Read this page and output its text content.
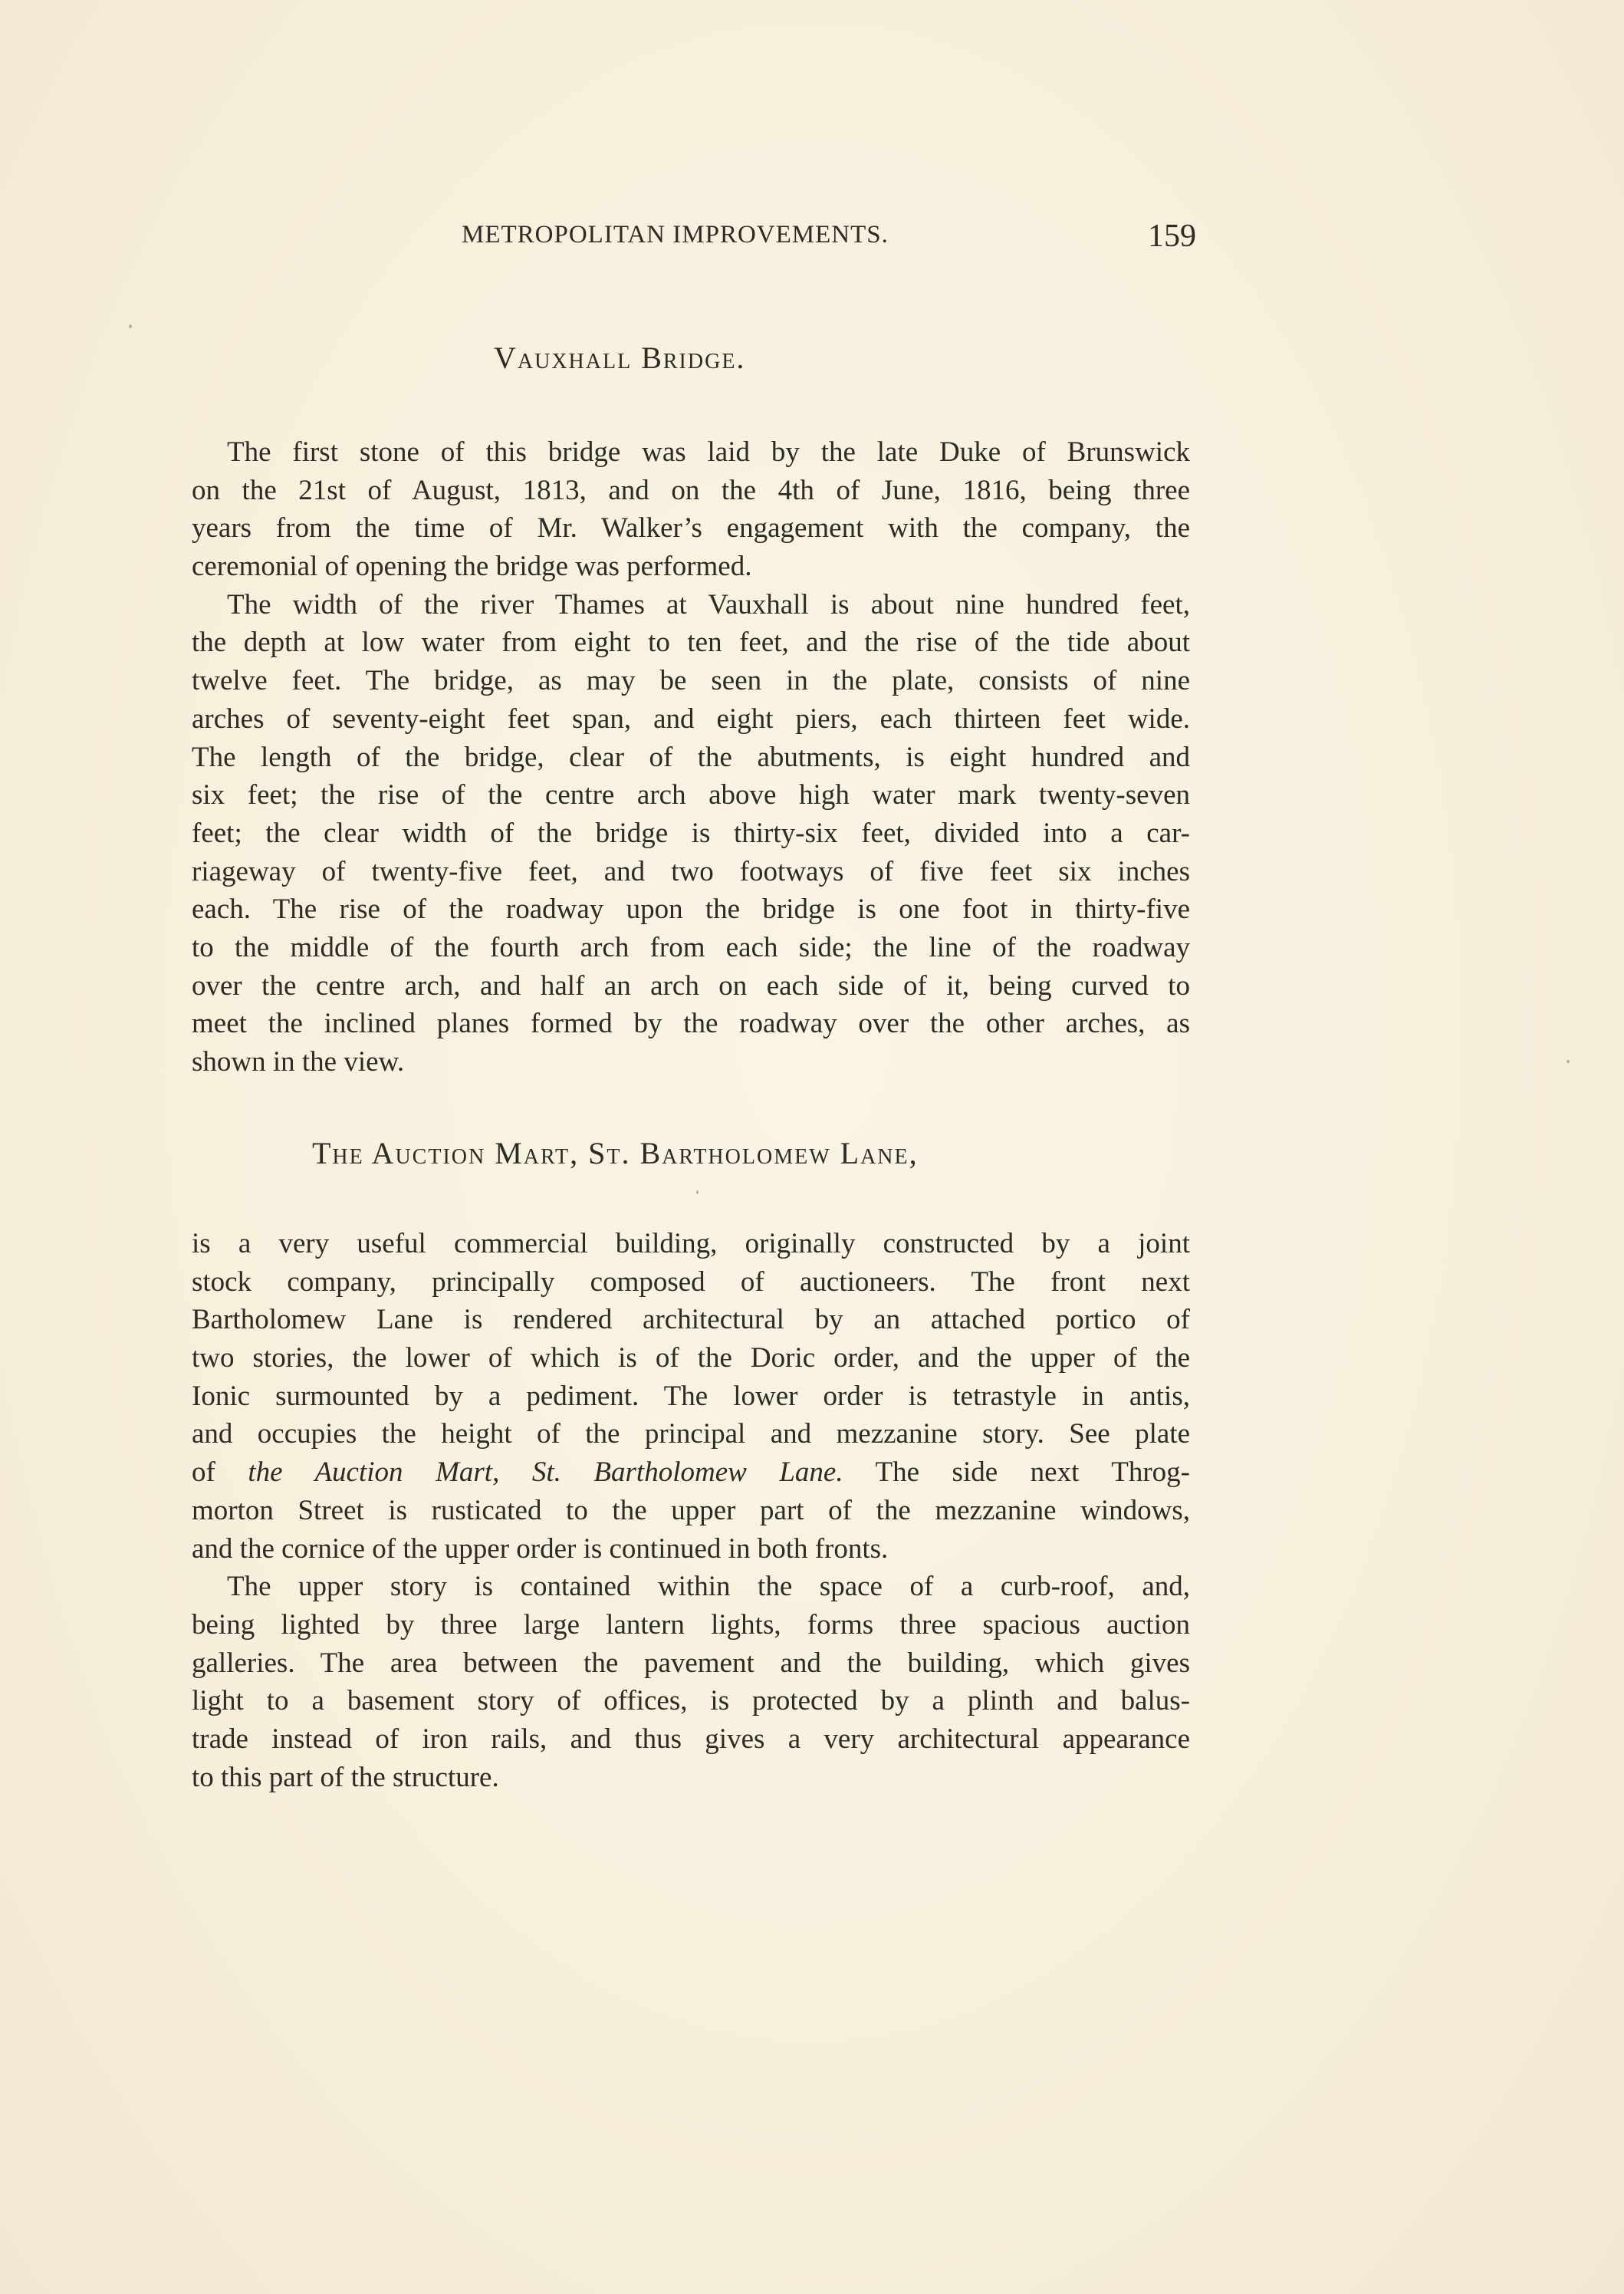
METROPOLITAN IMPROVEMENTS.	159
Vauxhall Bridge.
The first stone of this bridge was laid by the late Duke of Brunswick
on the 21st of August, 1813, and on the 4th of June, 1816, being three
years from the time of Mr. Walker’s engagement with the company, the
ceremonial of opening the bridge was performed.
The width of the river Thames at Vauxhall is about nine hundred feet,
the depth at low water from eight to ten feet, and the rise of the tide about
twelve feet. The bridge, as may be seen in the plate, consists of nine
arches of seventy-eight feet span, and eight piers, each thirteen feet wide.
The length of the bridge, clear of the abutments, is eight hundred and
six feet; the rise of the centre arch above high water mark twenty-seven
feet; the clear width of the bridge is thirty-six feet, divided into a car-
riageway of twenty-five feet, and two footways of five feet six inches
each. The rise of the roadway upon the bridge is one foot in thirty-five
to the middle of the fourth arch from each side; the line of the roadway
over the centre arch, and half an arch on each side of it, being curved to
meet the inclined planes formed by the roadway over the other arches, as
shown in the view.
The Auction Mart, St. Bartholomew Lane,
is a very useful commercial building, originally constructed by a joint
stock company, principally composed of auctioneers. The front next
Bartholomew Lane is rendered architectural by an attached portico of
two stories, the lower of which is of the Doric order, and the upper of the
Ionic surmounted by a pediment. The lower order is tetrastyle in antis,
and occupies the height of the principal and mezzanine story. See plate
of the Auction Mart, St. Bartholomew Lane. The side next Throg-
morton Street is rusticated to the upper part of the mezzanine windows,
and the cornice of the upper order is continued in both fronts.
The upper story is contained within the space of a curb-roof, and,
being lighted by three large lantern lights, forms three spacious auction
galleries. The area between the pavement and the building, which gives
light to a basement story of offices, is protected by a plinth and balus-
trade instead of iron rails, and thus gives a very architectural appearance
to this part of the structure.
